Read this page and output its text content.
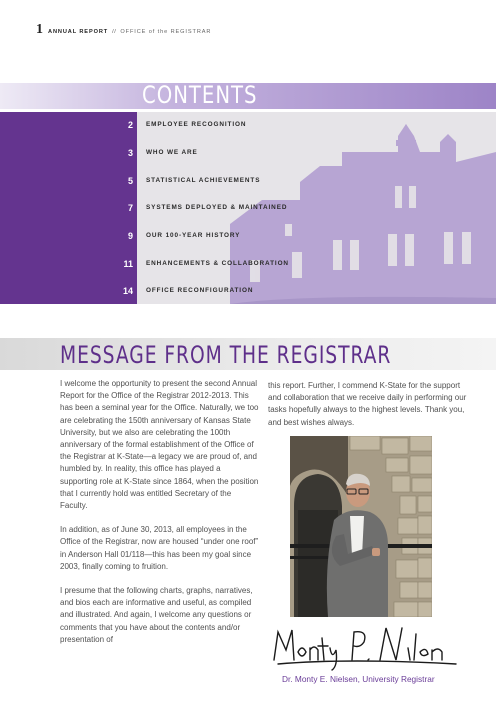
1 ANNUAL REPORT // OFFICE of the REGISTRAR
CONTENTS
2 EMPLOYEE RECOGNITION
3 WHO WE ARE
5 STATISTICAL ACHIEVEMENTS
7 SYSTEMS DEPLOYED & MAINTAINED
9 OUR 100-YEAR HISTORY
11 ENHANCEMENTS & COLLABORATION
14 OFFICE RECONFIGURATION
MESSAGE FROM THE REGISTRAR

I welcome the opportunity to present the second Annual Report for the Office of the Registrar 2012-2013. This has been a seminal year for the Office. Naturally, we too are celebrating the 150th anniversary of Kansas State University, but we also are celebrating the 100th anniversary of the formal establishment of the Office of the Registrar at K-State—a legacy we are proud of, and humbled by. In reality, this office has played a supporting role at K-State since 1864, when the position that I currently hold was entitled Secretary of the Faculty.

In addition, as of June 30, 2013, all employees in the Office of the Registrar, now are housed “under one roof” in Anderson Hall 01/118—this has been my goal since 2003, finally coming to fruition.

I presume that the following charts, graphs, narratives, and bios each are informative and useful, as compiled and illustrated. And again, I welcome any questions or comments that you have about the contents and/or presentation of

this report. Further, I commend K-State for the support and collaboration that we receive daily in performing our tasks hopefully always to the highest levels. Thank you, and best wishes always.

Dr. Monty E. Nielsen, University Registrar
